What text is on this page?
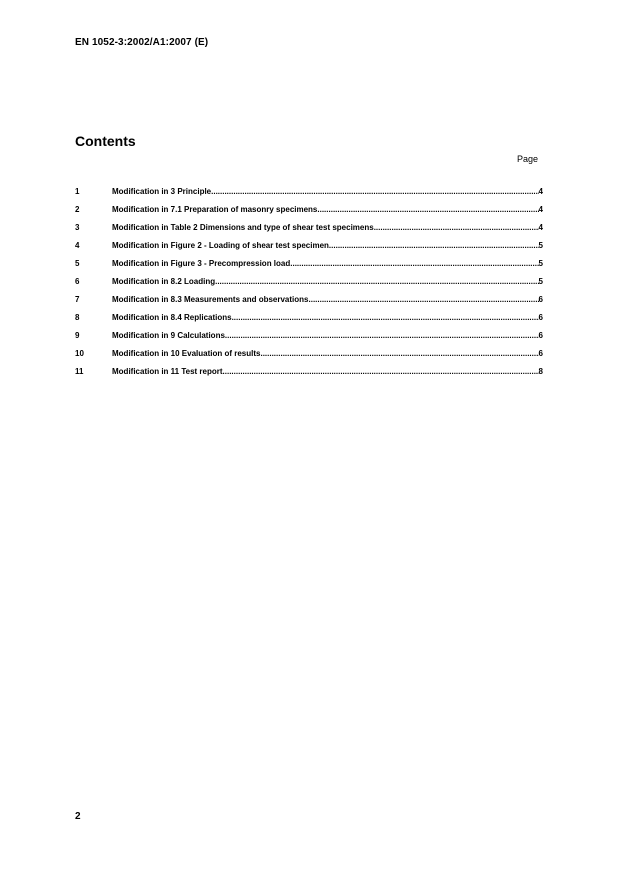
EN 1052-3:2002/A1:2007 (E)
Contents
Page
1	Modification in 3 Principle .....	4
2	Modification in 7.1 Preparation of masonry specimens .....	4
3	Modification in Table 2 Dimensions and type of shear test specimens .....	4
4	Modification in Figure 2 - Loading of shear test specimen .....	5
5	Modification in Figure 3 - Precompression load .....	5
6	Modification in 8.2 Loading .....	5
7	Modification in 8.3 Measurements and observations .....	6
8	Modification in 8.4 Replications .....	6
9	Modification in 9 Calculations .....	6
10	Modification in 10 Evaluation of results .....	6
11	Modification in 11 Test report .....	8
2
